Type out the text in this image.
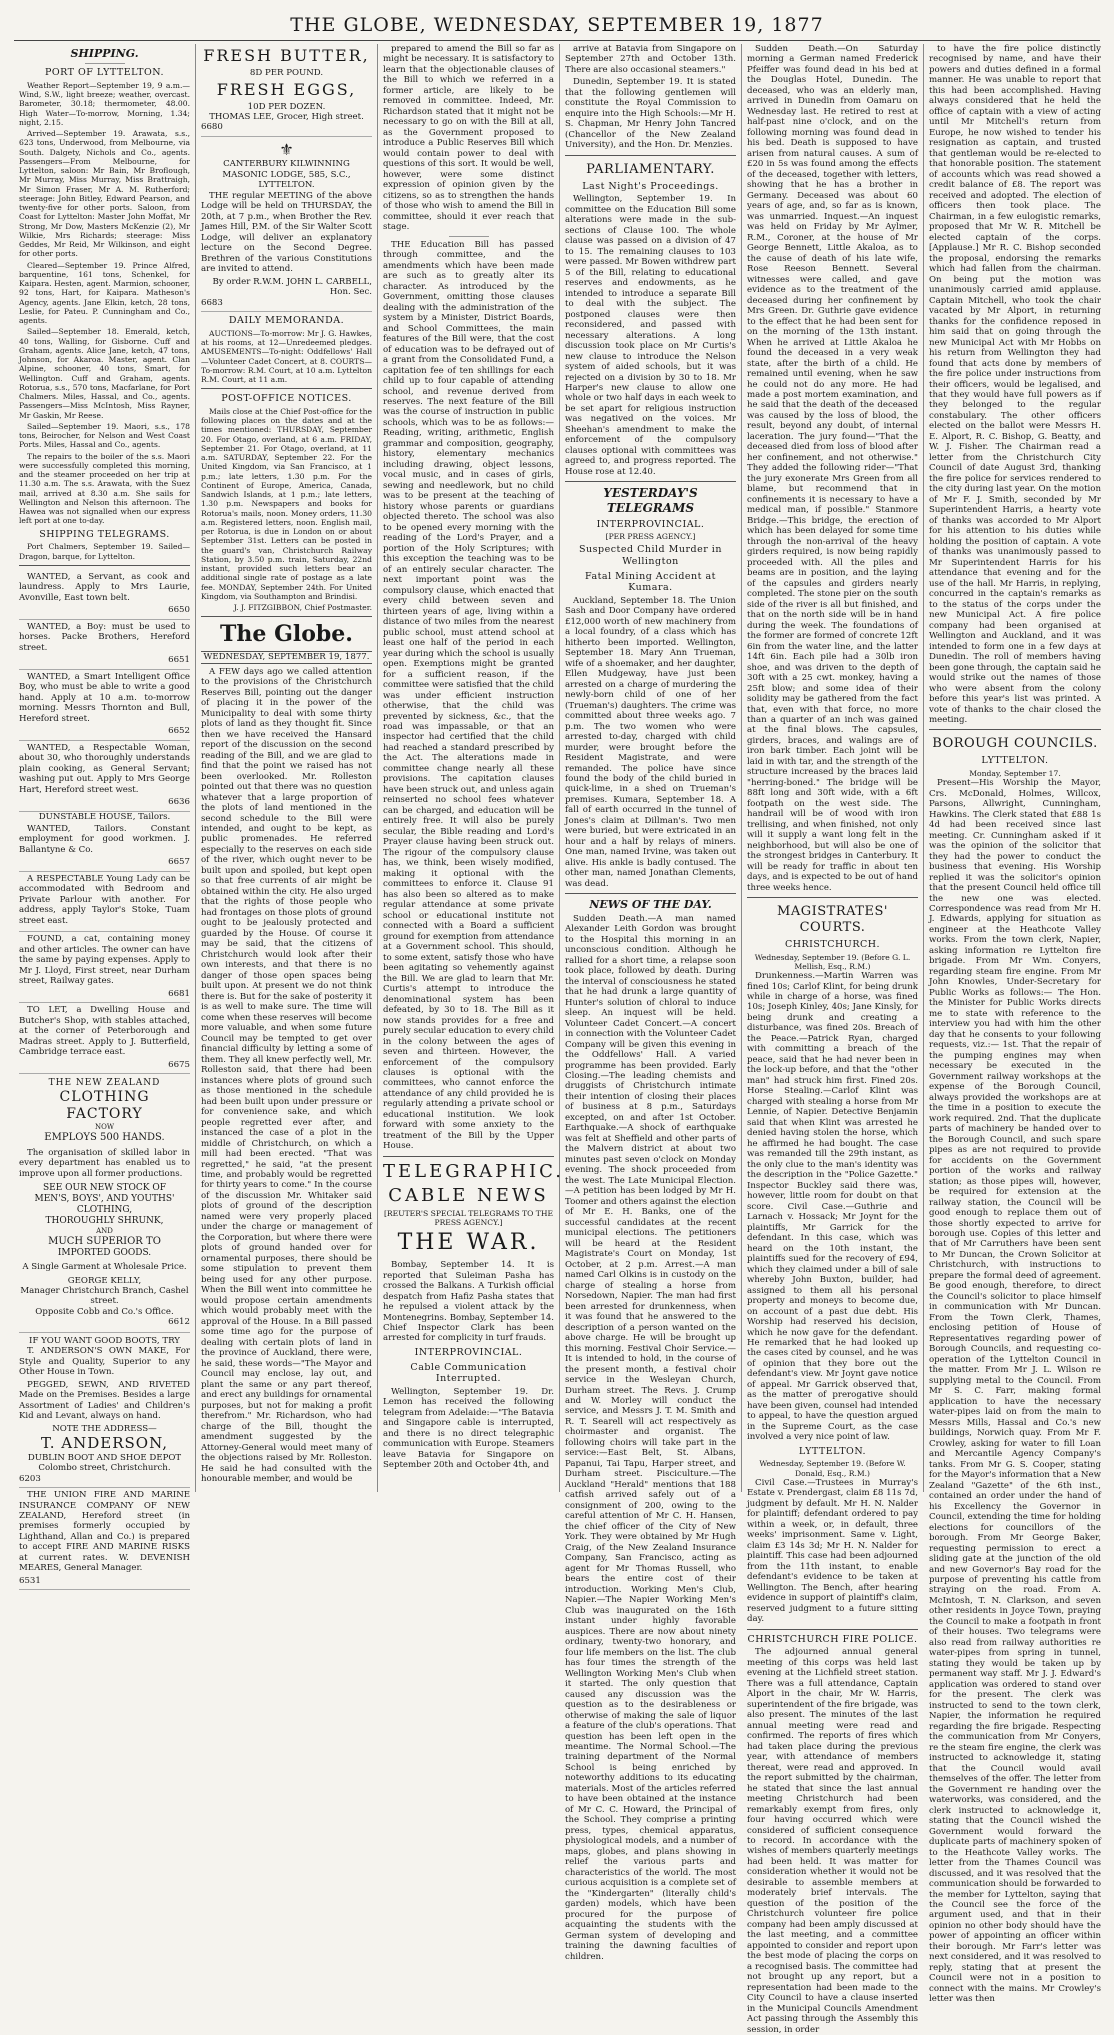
THE GLOBE, WEDNESDAY, SEPTEMBER 19, 1877
SHIPPING.
PORT OF LYTTELTON.

Weather Report—September 19, 9 a.m.—Wind, S.W., light breeze; weather, overcast. Barometer, 30.18; thermometer, 48.00. High Water—To-morrow, Morning, 1.34; night, 2.15.

Arrived—September 19. Arawata, s.s., 623 tons, Underwood, from Melbourne, via South. Dalgety, Nichols and Co., agents. Passengers—From Melbourne, for Lyttelton, saloon: Mr Bain, Mr Broflough, Mr Murray, Miss Murray, Miss Brattraigh, Mr Simon Fraser, Mr A. M. Rutherford; steerage: John Bitley, Edward Pearson, and twenty-five for other ports. Saloon, from Coast for Lyttelton: Master John Moffat, Mr Strong, Mr Dow, Masters McKenzie (2), Mr Wilkie, Mrs Richards; steerage: Miss Geddes, Mr Reid, Mr Wilkinson, and eight for other ports.

Cleared—September 19. Prince Alfred, barquentine, 161 tons, Schenkel, for Kaipara. Hesten, agent. Marmion, schooner, 92 tons, Hart, for Kaipara. Matheson's Agency, agents. Jane Elkin, ketch, 28 tons, Leslie, for Pateu. P. Cunningham and Co., agents.

Sailed—September 18. Emerald, ketch, 40 tons, Walling, for Gisborne. Cuff and Graham, agents. Alice Jane, ketch, 47 tons, Johnson, for Akaroa. Master, agent. Clan Alpine, schooner, 40 tons, Smart, for Wellington. Cuff and Graham, agents. Rotorua, s.s., 570 tons, Macfarlane, for Port Chalmers. Miles, Hassal, and Co., agents. Passengers—Miss McIntosh, Miss Rayner, Mr Gaskin, Mr Reese.

Sailed—September 19. Maori, s.s., 178 tons, Beirocher, for Nelson and West Coast Ports. Miles, Hassal and Co., agents.

The repairs to the boiler of the s.s. Maori were successfully completed this morning, and the steamer proceeded on her trip at 11.30 a.m. The s.s. Arawata, with the Suez mail, arrived at 8.30 a.m. She sails for Wellington and Nelson this afternoon. The Hawea was not signalled when our express left port at one to-day.

SHIPPING TELEGRAMS.

Port Chalmers, September 19. Sailed—Dragon, barque, for Lyttelton.

WANTED, a Servant, as cook and laundress. Apply to Mrs Laurie, Avonville, East town belt.

6650

WANTED, a Boy: must be used to horses. Packe Brothers, Hereford street.

6651

WANTED, a Smart Intelligent Office Boy, who must be able to write a good hand. Apply at 10 a.m. to-morrow morning. Messrs Thornton and Bull, Hereford street.

6652

WANTED, a Respectable Woman, about 30, who thoroughly understands plain cooking, as General Servant; washing put out. Apply to Mrs George Hart, Hereford street west.

6636
DUNSTABLE HOUSE, Tailors.

WANTED, Tailors. Constant employment for good workmen. J. Ballantyne & Co.

6657

A RESPECTABLE Young Lady can be accommodated with Bedroom and Private Parlour with another. For address, apply Taylor's Stoke, Tuam street east.

FOUND, a cat, containing money and other articles. The owner can have the same by paying expenses. Apply to Mr J. Lloyd, First street, near Durham street, Railway gates.

6681

TO LET, a Dwelling House and Butcher's Shop, with stables attached, at the corner of Peterborough and Madras street. Apply to J. Butterfield, Cambridge terrace east.

6675
THE NEW ZEALAND
CLOTHING FACTORY
NOW
EMPLOYS 500 HANDS.

The organisation of skilled labor in every department has enabled us to improve upon all former productions.

SEE OUR NEW STOCK OF
MEN'S, BOYS', AND YOUTHS'
CLOTHING,
THOROUGHLY SHRUNK,
AND
MUCH SUPERIOR TO
IMPORTED GOODS.
A Single Garment at Wholesale Price.
GEORGE KELLY,
Manager Christchurch Branch, Cashel street.
Opposite Cobb and Co.'s Office.
6612
IF YOU WANT GOOD BOOTS, TRY

T. ANDERSON'S OWN MAKE, For Style and Quality, Superior to any Other House in Town.

PEGGED, SEWN, AND RIVETED Made on the Premises. Besides a large Assortment of Ladies' and Children's Kid and Levant, always on hand.

NOTE THE ADDRESS—
T. ANDERSON,
DUBLIN BOOT AND SHOE DEPOT
Colombo street, Christchurch.
6203

THE UNION FIRE AND MARINE INSURANCE COMPANY OF NEW ZEALAND, Hereford street (in premises formerly occupied by Lighthand, Allan and Co.) is prepared to accept FIRE AND MARINE RISKS at current rates. W. DEVENISH MEARES, General Manager.

6531
FRESH BUTTER,
8D PER POUND.
FRESH EGGS,
10D PER DOZEN.
THOMAS LEE, Grocer, High street.
6680
⚜
CANTERBURY KILWINNING MASONIC LODGE, 585, S.C., LYTTELTON.

THE regular MEETING of the above Lodge will be held on THURSDAY, the 20th, at 7 p.m., when Brother the Rev. James Hill, P.M. of the Sir Walter Scott Lodge, will deliver an explanatory lecture on the Second Degree. Brethren of the various Constitutions are invited to attend.

By order R.W.M. JOHN L. CARBELL, Hon. Sec.
6683
DAILY MEMORANDA.

AUCTIONS—To-morrow: Mr J. G. Hawkes, at his rooms, at 12—Unredeemed pledges. AMUSEMENTS—To-night: Oddfellows' Hall—Volunteer Cadet Concert, at 8. COURTS—To-morrow: R.M. Court, at 10 a.m. Lyttelton R.M. Court, at 11 a.m.

POST-OFFICE NOTICES.

Mails close at the Chief Post-office for the following places on the dates and at the times mentioned: THURSDAY, September 20. For Otago, overland, at 6 a.m. FRIDAY, September 21. For Otago, overland, at 11 a.m. SATURDAY, September 22. For the United Kingdom, via San Francisco, at 1 p.m.; late letters, 1.30 p.m. For the Continent of Europe, America, Canada, Sandwich Islands, at 1 p.m.; late letters, 1.30 p.m. Newspapers and books for Rotorua's mails, noon. Money orders, 11.30 a.m. Registered letters, noon. English mail, per Rotorua, is due in London on or about September 31st. Letters can be posted in the guard's van, Christchurch Railway Station, by 3.50 p.m. train, Saturday, 22nd instant, provided such letters bear an additional single rate of postage as a late fee. MONDAY, September 24th. For United Kingdom, via Southampton and Brindisi.

J. J. FITZGIBBON, Chief Postmaster.
The Globe.
WEDNESDAY, SEPTEMBER 19, 1877.

A FEW days ago we called attention to the provisions of the Christchurch Reserves Bill, pointing out the danger of placing it in the power of the Municipality to deal with some thirty plots of land as they thought fit. Since then we have received the Hansard report of the discussion on the second reading of the Bill, and we are glad to find that the point we raised has not been overlooked. Mr. Rolleston pointed out that there was no question whatever that a large proportion of the plots of land mentioned in the second schedule to the Bill were intended, and ought to be kept, as public promenades. He referred especially to the reserves on each side of the river, which ought never to be built upon and spoiled, but kept open so that free currents of air might be obtained within the city. He also urged that the rights of those people who had frontages on those plots of ground ought to be jealously protected and guarded by the House. Of course it may be said, that the citizens of Christchurch would look after their own interests, and that there is no danger of those open spaces being built upon. At present we do not think there is. But for the sake of posterity it is as well to make sure. The time will come when these reserves will become more valuable, and when some future Council may be tempted to get over financial difficulty by letting a some of them. They all knew perfectly well, Mr. Rolleston said, that there had been instances where plots of ground such as those mentioned in the schedule had been built upon under pressure or for convenience sake, and which people regretted ever after, and instanced the case of a plot in the middle of Christchurch, on which a mill had been erected. "That was regretted," he said, "at the present time, and probably would be regretted for thirty years to come." In the course of the discussion Mr. Whitaker said plots of ground of the description named were very properly placed under the charge or management of the Corporation, but where there were plots of ground handed over for ornamental purposes, there should be some stipulation to prevent them being used for any other purpose. When the Bill went into committee he would propose certain amendments which would probably meet with the approval of the House. In a Bill passed some time ago for the purpose of dealing with certain plots of land in the province of Auckland, there were, he said, these words—"The Mayor and Council may enclose, lay out, and plant the same or any part thereof, and erect any buildings for ornamental purposes, but not for making a profit therefrom." Mr. Richardson, who had charge of the Bill, thought the amendment suggested by the Attorney-General would meet many of the objections raised by Mr. Rolleston. He said he had consulted with the honourable member, and would be

prepared to amend the Bill so far as might be necessary. It is satisfactory to learn that the objectionable clauses of the Bill to which we referred in a former article, are likely to be removed in committee. Indeed, Mr. Richardson stated that it might not be necessary to go on with the Bill at all, as the Government proposed to introduce a Public Reserves Bill which would contain power to deal with questions of this sort. It would be well, however, were some distinct expression of opinion given by the citizens, so as to strengthen the hands of those who wish to amend the Bill in committee, should it ever reach that stage.

THE Education Bill has passed through committee, and the amendments which have been made are such as to greatly alter its character. As introduced by the Government, omitting those clauses dealing with the administration of the system by a Minister, District Boards, and School Committees, the main features of the Bill were, that the cost of education was to be defrayed out of a grant from the Consolidated Fund, a capitation fee of ten shillings for each child up to four capable of attending school, and revenue derived from reserves. The next feature of the Bill was the course of instruction in public schools, which was to be as follows:—Reading, writing, arithmetic, English grammar and composition, geography, history, elementary mechanics including drawing, object lessons, vocal music, and in cases of girls, sewing and needlework, but no child was to be present at the teaching of history whose parents or guardians objected thereto. The school was also to be opened every morning with the reading of the Lord's Prayer, and a portion of the Holy Scriptures; with this exception the teaching was to be of an entirely secular character. The next important point was the compulsory clause, which enacted that every child between seven and thirteen years of age, living within a distance of two miles from the nearest public school, must attend school at least one half of the period in each year during which the school is usually open. Exemptions might be granted for a sufficient reason, if the committee were satisfied that the child was under efficient instruction otherwise, that the child was prevented by sickness, &c., that the road was impassable, or that an inspector had certified that the child had reached a standard prescribed by the Act. The alterations made in committee change nearly all these provisions. The capitation clauses have been struck out, and unless again reinserted no school fees whatever can be charged, and education will be entirely free. It will also be purely secular, the Bible reading and Lord's Prayer clause having been struck out. The rigour of the compulsory clause has, we think, been wisely modified, making it optional with the committees to enforce it. Clause 91 has also been so altered as to make regular attendance at some private school or educational institute not connected with a Board a sufficient ground for exemption from attendance at a Government school. This should, to some extent, satisfy those who have been agitating so vehemently against the Bill. We are glad to learn that Mr. Curtis's attempt to introduce the denominational system has been defeated, by 30 to 18. The Bill as it now stands provides for a free and purely secular education to every child in the colony between the ages of seven and thirteen. However, the enforcement of the compulsory clauses is optional with the committees, who cannot enforce the attendance of any child provided he is regularly attending a private school or educational institution. We look forward with some anxiety to the treatment of the Bill by the Upper House.

TELEGRAPHIC.
CABLE NEWS
[REUTER'S SPECIAL TELEGRAMS TO THE PRESS AGENCY.]
THE WAR.

Bombay, September 14. It is reported that Suleiman Pasha has crossed the Balkans. A Turkish official despatch from Hafiz Pasha states that he repulsed a violent attack by the Montenegrins. Bombay, September 14. Chief Inspector Clark has been arrested for complicity in turf frauds.

INTERPROVINCIAL.
Cable Communication Interrupted.

Wellington, September 19. Dr. Lemon has received the following telegram from Adelaide:—"The Batavia and Singapore cable is interrupted, and there is no direct telegraphic communication with Europe. Steamers leave Batavia for Singapore on September 20th and October 4th, and

arrive at Batavia from Singapore on September 27th and October 13th. There are also occasional steamers."

Dunedin, September 19. It is stated that the following gentlemen will constitute the Royal Commission to enquire into the High Schools:—Mr H. S. Chapman, Mr Henry John Tancred (Chancellor of the New Zealand University), and the Hon. Dr. Menzies.

PARLIAMENTARY.
Last Night's Proceedings.

Wellington, September 19. In committee on the Education Bill some alterations were made in the sub-sections of Clause 100. The whole clause was passed on a division of 47 to 15. The remaining clauses to 103 were passed. Mr Bowen withdrew part 5 of the Bill, relating to educational reserves and endowments, as he intended to introduce a separate Bill to deal with the subject. The postponed clauses were then reconsidered, and passed with necessary alterations. A long discussion took place on Mr Curtis's new clause to introduce the Nelson system of aided schools, but it was rejected on a division by 30 to 18. Mr Harper's new clause to allow one whole or two half days in each week to be set apart for religious instruction was negatived on the voices. Mr Sheehan's amendment to make the enforcement of the compulsory clauses optional with committees was agreed to, and progress reported. The House rose at 12.40.

YESTERDAY'S TELEGRAMS
INTERPROVINCIAL.
[PER PRESS AGENCY.]
Suspected Child Murder in Wellington
Fatal Mining Accident at Kumara.

Auckland, September 18. The Union Sash and Door Company have ordered £12,000 worth of new machinery from a local foundry, of a class which has hitherto been imported. Wellington, September 18. Mary Ann Trueman, wife of a shoemaker, and her daughter, Ellen Mudgeway, have just been arrested on a charge of murdering the newly-born child of one of her (Trueman's) daughters. The crime was committed about three weeks ago. 7 p.m. The two women who were arrested to-day, charged with child murder, were brought before the Resident Magistrate, and were remanded. The police have since found the body of the child buried in quick-lime, in a shed on Trueman's premises. Kumara, September 18. A fall of earth occurred in the tunnel of Jones's claim at Dillman's. Two men were buried, but were extricated in an hour and a half by relays of miners. One man, named Irvine, was taken out alive. His ankle is badly contused. The other man, named Jonathan Clements, was dead.

NEWS OF THE DAY.

Sudden Death.—A man named Alexander Leith Gordon was brought to the Hospital this morning in an unconscious condition. Although he rallied for a short time, a relapse soon took place, followed by death. During the interval of consciousness he stated that he had drunk a large quantity of Hunter's solution of chloral to induce sleep. An inquest will be held. Volunteer Cadet Concert.—A concert in connection with the Volunteer Cadet Company will be given this evening in the Oddfellows' Hall. A varied programme has been provided. Early Closing.—The leading chemists and druggists of Christchurch intimate their intention of closing their places of business at 8 p.m., Saturdays excepted, on and after 1st October. Earthquake.—A shock of earthquake was felt at Sheffield and other parts of the Malvern district at about two minutes past seven o'clock on Monday evening. The shock proceeded from the west. The Late Municipal Election.—A petition has been lodged by Mr H. Toomer and others against the election of Mr E. H. Banks, one of the successful candidates at the recent municipal elections. The petitioners will be heard at the Resident Magistrate's Court on Monday, 1st October, at 2 p.m. Arrest.—A man named Carl Olkins is in custody on the charge of stealing a horse from Norsedown, Napier. The man had first been arrested for drunkenness, when it was found that he answered to the description of a person wanted on the above charge. He will be brought up this morning. Festival Choir Service.—It is intended to hold, in the course of the present month, a festival choir service in the Wesleyan Church, Durham street. The Revs. J. Crump and W. Morley will conduct the service, and Messrs J. T. M. Smith and R. T. Searell will act respectively as choirmaster and organist. The following choirs will take part in the service:—East Belt, St. Albans, Papanui, Tai Tapu, Harper street, and Durham street. Pisciculture.—The Auckland "Herald" mentions that 188 catfish arrived safely out of a consignment of 200, owing to the careful attention of Mr C. H. Hansen, the chief officer of the City of New York. They were obtained by Mr Hugh Craig, of the New Zealand Insurance Company, San Francisco, acting as agent for Mr Thomas Russell, who bears the entire cost of their introduction. Working Men's Club, Napier.—The Napier Working Men's Club was inaugurated on the 16th instant under highly favorable auspices. There are now about ninety ordinary, twenty-two honorary, and four life members on the list. The club has four times the strength of the Wellington Working Men's Club when it started. The only question that caused any discussion was the question as to the desirableness or otherwise of making the sale of liquor a feature of the club's operations. That question has been left open in the meantime. The Normal School.—The training department of the Normal School is being enriched by noteworthy additions to its educating materials. Most of the articles referred to have been obtained at the instance of Mr C. C. Howard, the Principal of the School. They comprise a printing press, types, chemical apparatus, physiological models, and a number of maps, globes, and plans showing in relief the various parts and characteristics of the world. The most curious acquisition is a complete set of the "Kindergarten" (literally child's garden) models, which have been procured for the purpose of acquainting the students with the German system of developing and training the dawning faculties of children.

Sudden Death.—On Saturday morning a German named Frederick Pfeiffer was found dead in his bed at the Douglas Hotel, Dunedin. The deceased, who was an elderly man, arrived in Dunedin from Oamaru on Wednesday last. He retired to rest at half-past nine o'clock, and on the following morning was found dead in his bed. Death is supposed to have arisen from natural causes. A sum of £20 in 5s was found among the effects of the deceased, together with letters, showing that he has a brother in Germany. Deceased was about 60 years of age, and, so far as is known, was unmarried. Inquest.—An inquest was held on Friday by Mr Aylmer, R.M., Coroner, at the house of Mr George Bennett, Little Akaloa, as to the cause of death of his late wife, Rose Reeson Bennett. Several witnesses were called, and gave evidence as to the treatment of the deceased during her confinement by Mrs Green. Dr. Guthrie gave evidence to the effect that he had been sent for on the morning of the 13th instant. When he arrived at Little Akaloa he found the deceased in a very weak state, after the birth of a child. He remained until evening, when he saw he could not do any more. He had made a post mortem examination, and he said that the death of the deceased was caused by the loss of blood, the result, beyond any doubt, of internal laceration. The jury found—"That the deceased died from loss of blood after her confinement, and not otherwise." They added the following rider—"That the jury exonerate Mrs Green from all blame, but recommend that in confinements it is necessary to have a medical man, if possible." Stanmore Bridge.—This bridge, the erection of which has been delayed for some time through the non-arrival of the heavy girders required, is now being rapidly proceeded with. All the piles and beams are in position, and the laying of the capsules and girders nearly completed. The stone pier on the south side of the river is all but finished, and that on the north side will be in hand during the week. The foundations of the former are formed of concrete 12ft 6in from the water line, and the latter 14ft 6in. Each pile had a 30lb iron shoe, and was driven to the depth of 30ft with a 25 cwt. monkey, having a 25ft blow; and some idea of their solidity may be gathered from the fact that, even with that force, no more than a quarter of an inch was gained at the final blows. The capsules, girders, braces, and walings are of iron bark timber. Each joint will be laid in with tar, and the strength of the structure increased by the braces laid "herring-boned." The bridge will be 88ft long and 30ft wide, with a 6ft footpath on the west side. The handrail will be of wood with iron trellising, and when finished, not only will it supply a want long felt in the neighborhood, but will also be one of the strongest bridges in Canterbury. It will be ready for traffic in about ten days, and is expected to be out of hand three weeks hence.

MAGISTRATES' COURTS.
CHRISTCHURCH.
Wednesday, September 19. (Before G. L. Mellish, Esq., R.M.)

Drunkenness.—Martin Warren was fined 10s; Carlof Klint, for being drunk while in charge of a horse, was fined 10s; Joseph Kinley, 40s; Jane Kinsly, for being drunk and creating a disturbance, was fined 20s. Breach of the Peace.—Patrick Ryan, charged with committing a breach of the peace, said that he had never been in the lock-up before, and that the "other man" had struck him first. Fined 20s. Horse Stealing.—Carlof Klint was charged with stealing a horse from Mr Lennie, of Napier. Detective Benjamin said that when Klint was arrested he denied having stolen the horse, which he affirmed he had bought. The case was remanded till the 29th instant, as the only clue to the man's identity was the description in the "Police Gazette." Inspector Buckley said there was, however, little room for doubt on that score. Civil Case.—Guthrie and Larnach v. Hossack; Mr Joynt for the plaintiffs, Mr Garrick for the defendant. In this case, which was heard on the 10th instant, the plaintiffs sued for the recovery of £94, which they claimed under a bill of sale whereby John Buxton, builder, had assigned to them all his personal property and moneys to become due, on account of a past due debt. His Worship had reserved his decision, which he now gave for the defendant. He remarked that he had looked up the cases cited by counsel, and he was of opinion that they bore out the defendant's view. Mr Joynt gave notice of appeal. Mr Garrick observed that, as the matter of prerogative should have been given, counsel had intended to appeal, to have the question argued in the Supreme Court, as the case involved a very nice point of law.

LYTTELTON.
Wednesday, September 19. (Before W. Donald, Esq., R.M.)

Civil Case.—Trustees in Murray's Estate v. Prendergast, claim £8 11s 7d, judgment by default. Mr H. N. Nalder for plaintiff; defendant ordered to pay within a week, or, in default, three weeks' imprisonment. Same v. Light, claim £3 14s 3d; Mr H. N. Nalder for plaintiff. This case had been adjourned from the 11th instant, to enable defendant's evidence to be taken at Wellington. The Bench, after hearing evidence in support of plaintiff's claim, reserved judgment to a future sitting day.

CHRISTCHURCH FIRE POLICE.

The adjourned annual general meeting of this corps was held last evening at the Lichfield street station. There was a full attendance, Captain Alport in the chair, Mr W. Harris, superintendent of the fire brigade, was also present. The minutes of the last annual meeting were read and confirmed. The reports of fires which had taken place during the previous year, with attendance of members thereat, were read and approved. In the report submitted by the chairman, he stated that since the last annual meeting Christchurch had been remarkably exempt from fires, only four having occurred which were considered of sufficient consequence to record. In accordance with the wishes of members quarterly meetings had been held. It was matter for consideration whether it would not be desirable to assemble members at moderately brief intervals. The question of the position of the Christchurch volunteer fire police company had been amply discussed at the last meeting, and a committee appointed to consider and report upon the best mode of placing the corps on a recognised basis. The committee had not brought up any report, but a representation had been made to the City Council to have a clause inserted in the Municipal Councils Amendment Act passing through the Assembly this session, in order

to have the fire police distinctly recognised by name, and have their powers and duties defined in a formal manner. He was unable to report that this had been accomplished. Having always considered that he held the office of captain with a view of acting until Mr Mitchell's return from Europe, he now wished to tender his resignation as captain, and trusted that gentleman would be re-elected to that honorable position. The statement of accounts which was read showed a credit balance of £8. The report was received and adopted. The election of officers then took place. The Chairman, in a few eulogistic remarks, proposed that Mr W. R. Mitchell be elected captain of the corps. [Applause.] Mr R. C. Bishop seconded the proposal, endorsing the remarks which had fallen from the chairman. On being put the motion was unanimously carried amid applause. Captain Mitchell, who took the chair vacated by Mr Alport, in returning thanks for the confidence reposed in him said that on going through the new Municipal Act with Mr Hobbs on his return from Wellington they had found that acts done by members of the fire police under instructions from their officers, would be legalised, and that they would have full powers as if they belonged to the regular constabulary. The other officers elected on the ballot were Messrs H. E. Alport, R. C. Bishop, G. Beatty, and W. J. Fisher. The Chairman read a letter from the Christchurch City Council of date August 3rd, thanking the fire police for services rendered to the city during last year. On the motion of Mr F. J. Smith, seconded by Mr Superintendent Harris, a hearty vote of thanks was accorded to Mr Alport for his attention to his duties while holding the position of captain. A vote of thanks was unanimously passed to Mr Superintendent Harris for his attendance that evening and for the use of the hall. Mr Harris, in replying, concurred in the captain's remarks as to the status of the corps under the new Municipal Act. A fire police company had been organised at Wellington and Auckland, and it was intended to form one in a few days at Dunedin. The roll of members having been gone through, the captain said he would strike out the names of those who were absent from the colony before this year's list was printed. A vote of thanks to the chair closed the meeting.

BOROUGH COUNCILS.
LYTTELTON.
Monday, September 17.

Present—His Worship the Mayor, Crs. McDonald, Holmes, Willcox, Parsons, Allwright, Cunningham, Hawkins. The Clerk stated that £88 1s 4d had been received since last meeting. Cr. Cunningham asked if it was the opinion of the solicitor that they had the power to conduct the business that evening. His Worship replied it was the solicitor's opinion that the present Council held office till the new one was elected. Correspondence was read from Mr H. J. Edwards, applying for situation as engineer at the Heathcote Valley works. From the town clerk, Napier, asking information re Lyttelton fire brigade. From Mr Wm. Conyers, regarding steam fire engine. From Mr John Knowles, Under-Secretary for Public Works as follows:— The Hon. the Minister for Public Works directs me to state with reference to the interview you had with him the other day that he consents to your following requests, viz.:— 1st. That the repair of the pumping engines may when necessary be executed in the Government railway workshops at the expense of the Borough Council, always provided the workshops are at the time in a position to execute the work required. 2nd. That the duplicate parts of machinery be handed over to the Borough Council, and such spare pipes as are not required to provide for accidents on the Government portion of the works and railway station; as those pipes will, however, be required for extension at the railway station, the Council will be good enough to replace them out of those shortly expected to arrive for borough use. Copies of this letter and that of Mr Carruthers have been sent to Mr Duncan, the Crown Solicitor at Christchurch, with instructions to prepare the formal deed of agreement. Be good enough, therefore, to direct the Council's solicitor to place himself in communication with Mr Duncan. From the Town Clerk, Thames, enclosing petition of House of Representatives regarding power of Borough Councils, and requesting co-operation of the Lyttelton Council in the matter. From Mr J. L. Wilson re supplying metal to the Council. From Mr S. C. Farr, making formal application to have the necessary water-pipes laid on from the main to Messrs Mills, Hassal and Co.'s new buildings, Norwich quay. From Mr F. Crowley, asking for water to fill Loan and Mercantile Agency Company's tanks. From Mr G. S. Cooper, stating for the Mayor's information that a New Zealand "Gazette" of the 6th inst., contained an order under the hand of his Excellency the Governor in Council, extending the time for holding elections for councillors of the borough. From Mr George Baker, requesting permission to erect a sliding gate at the junction of the old and new Governor's Bay road for the purpose of preventing his cattle from straying on the road. From A. McIntosh, T. N. Clarkson, and seven other residents in Joyce Town, praying the Council to make a footpath in front of their houses. Two telegrams were also read from railway authorities re water-pipes from spring in tunnel, stating they would be taken up by permanent way staff. Mr J. J. Edward's application was ordered to stand over for the present. The clerk was instructed to send to the town clerk, Napier, the information he required regarding the fire brigade. Respecting the communication from Mr Conyers, re the steam fire engine, the clerk was instructed to acknowledge it, stating that the Council would avail themselves of the offer. The letter from the Government re handing over the waterworks, was considered, and the clerk instructed to acknowledge it, stating that the Council wished the Government would forward the duplicate parts of machinery spoken of to the Heathcote Valley works. The letter from the Thames Council was discussed, and it was resolved that the communication should be forwarded to the member for Lyttelton, saying that the Council see the force of the argument used, and that in their opinion no other body should have the power of appointing an officer within their borough. Mr Farr's letter was next considered, and it was resolved to reply, stating that at present the Council were not in a position to connect with the mains. Mr Crowley's letter was then
